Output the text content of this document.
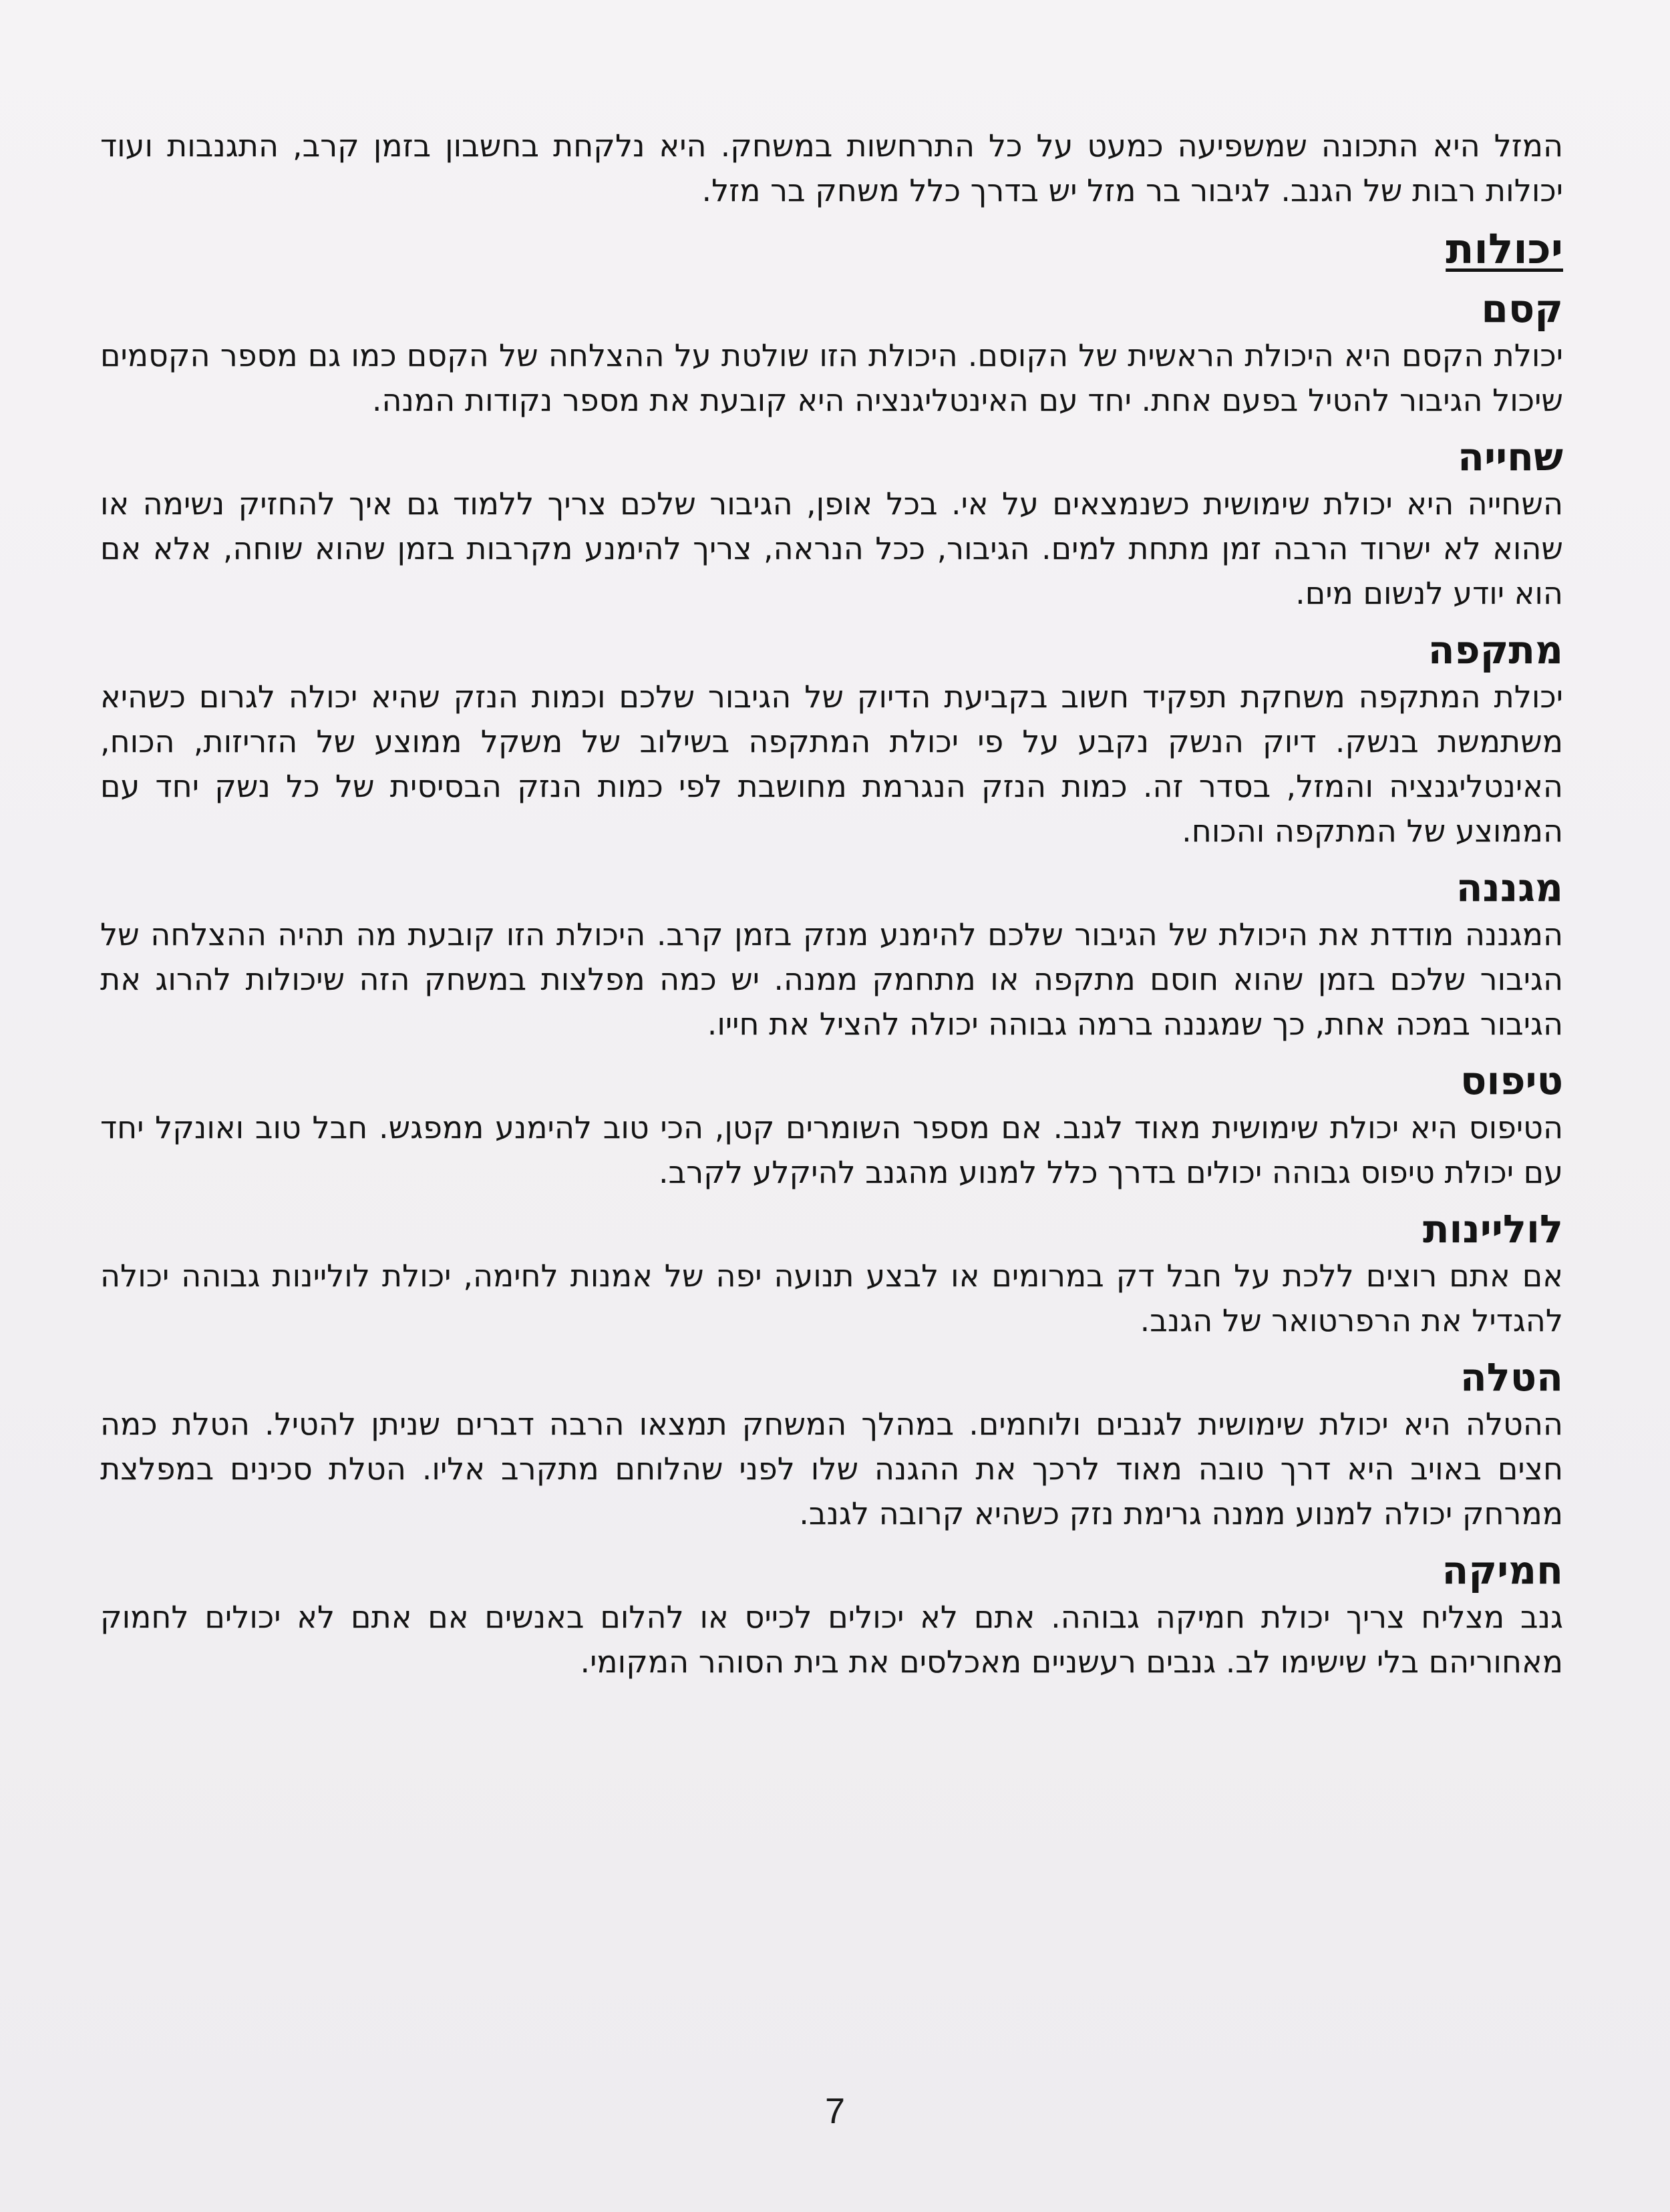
המזל היא התכונה שמשפיעה כמעט על כל התרחשות במשחק. היא נלקחת בחשבון בזמן קרב, התגנבות ועוד יכולות רבות של הגנב. לגיבור בר מזל יש בדרך כלל משחק בר מזל.

יכולות
קסם

יכולת הקסם היא היכולת הראשית של הקוסם. היכולת הזו שולטת על ההצלחה של הקסם כמו גם מספר הקסמים שיכול הגיבור להטיל בפעם אחת. יחד עם האינטליגנציה היא קובעת את מספר נקודות המנה.

שחייה

השחייה היא יכולת שימושית כשנמצאים על אי. בכל אופן, הגיבור שלכם צריך ללמוד גם איך להחזיק נשימה או שהוא לא ישרוד הרבה זמן מתחת למים. הגיבור, ככל הנראה, צריך להימנע מקרבות בזמן שהוא שוחה, אלא אם הוא יודע לנשום מים.

מתקפה

יכולת המתקפה משחקת תפקיד חשוב בקביעת הדיוק של הגיבור שלכם וכמות הנזק שהיא יכולה לגרום כשהיא משתמשת בנשק. דיוק הנשק נקבע על פי יכולת המתקפה בשילוב של משקל ממוצע של הזריזות, הכוח, האינטליגנציה והמזל, בסדר זה. כמות הנזק הנגרמת מחושבת לפי כמות הנזק הבסיסית של כל נשק יחד עם הממוצע של המתקפה והכוח.

מגננה

המגננה מודדת את היכולת של הגיבור שלכם להימנע מנזק בזמן קרב. היכולת הזו קובעת מה תהיה ההצלחה של הגיבור שלכם בזמן שהוא חוסם מתקפה או מתחמק ממנה. יש כמה מפלצות במשחק הזה שיכולות להרוג את הגיבור במכה אחת, כך שמגננה ברמה גבוהה יכולה להציל את חייו.

טיפוס

הטיפוס היא יכולת שימושית מאוד לגנב. אם מספר השומרים קטן, הכי טוב להימנע ממפגש. חבל טוב ואונקל יחד עם יכולת טיפוס גבוהה יכולים בדרך כלל למנוע מהגנב להיקלע לקרב.

לוליינות

אם אתם רוצים ללכת על חבל דק במרומים או לבצע תנועה יפה של אמנות לחימה, יכולת לוליינות גבוהה יכולה להגדיל את הרפרטואר של הגנב.

הטלה

ההטלה היא יכולת שימושית לגנבים ולוחמים. במהלך המשחק תמצאו הרבה דברים שניתן להטיל. הטלת כמה חצים באויב היא דרך טובה מאוד לרכך את ההגנה שלו לפני שהלוחם מתקרב אליו. הטלת סכינים במפלצת ממרחק יכולה למנוע ממנה גרימת נזק כשהיא קרובה לגנב.

חמיקה

גנב מצליח צריך יכולת חמיקה גבוהה. אתם לא יכולים לכייס או להלום באנשים אם אתם לא יכולים לחמוק מאחוריהם בלי שישימו לב. גנבים רעשניים מאכלסים את בית הסוהר המקומי.

7
